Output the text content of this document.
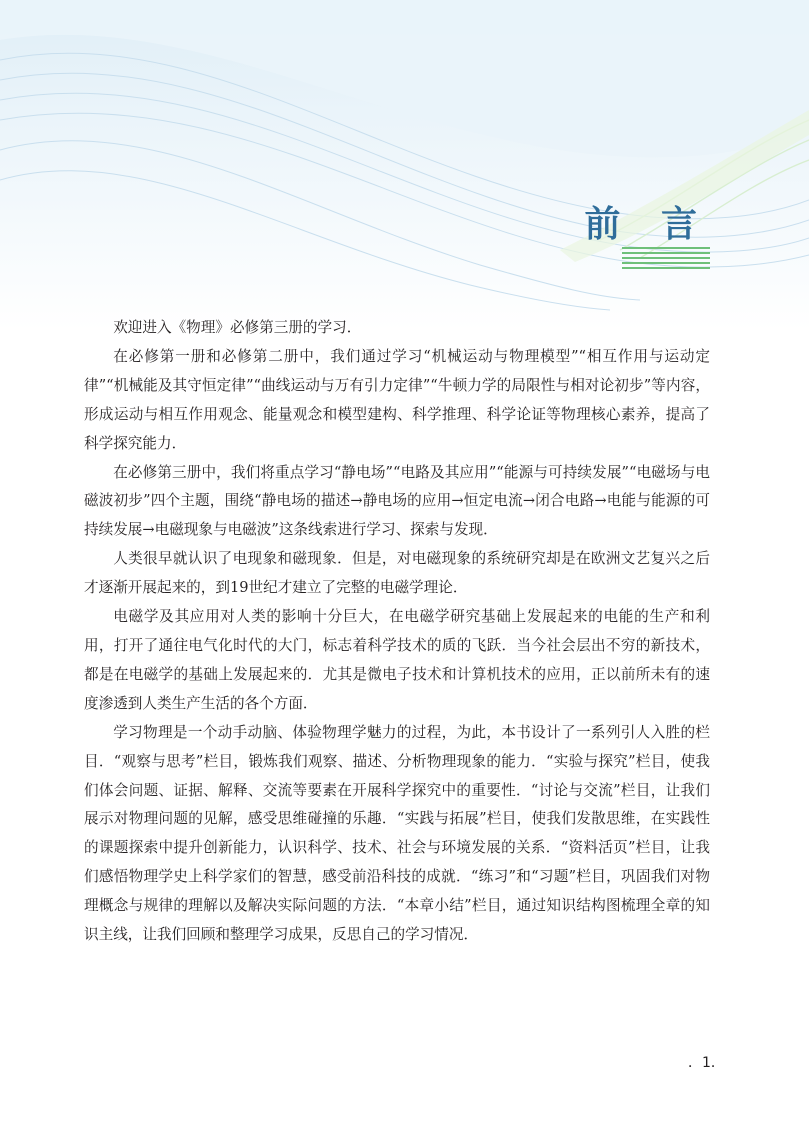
前 言

欢迎进入《物理》必修第三册的学习．

在必修第一册和必修第二册中，我们通过学习“机械运动与物理模型”“相互作用与运动定律”“机械能及其守恒定律”“曲线运动与万有引力定律”“牛顿力学的局限性与相对论初步”等内容，形成运动与相互作用观念、能量观念和模型建构、科学推理、科学论证等物理核心素养，提高了科学探究能力．

在必修第三册中，我们将重点学习“静电场”“电路及其应用”“能源与可持续发展”“电磁场与电磁波初步”四个主题，围绕“静电场的描述→静电场的应用→恒定电流→闭合电路→电能与能源的可持续发展→电磁现象与电磁波”这条线索进行学习、探索与发现．

人类很早就认识了电现象和磁现象．但是，对电磁现象的系统研究却是在欧洲文艺复兴之后才逐渐开展起来的，到19世纪才建立了完整的电磁学理论．

电磁学及其应用对人类的影响十分巨大，在电磁学研究基础上发展起来的电能的生产和利用，打开了通往电气化时代的大门，标志着科学技术的质的飞跃．当今社会层出不穷的新技术，都是在电磁学的基础上发展起来的．尤其是微电子技术和计算机技术的应用，正以前所未有的速度渗透到人类生产生活的各个方面．

学习物理是一个动手动脑、体验物理学魅力的过程，为此，本书设计了一系列引人入胜的栏目．“观察与思考”栏目，锻炼我们观察、描述、分析物理现象的能力．“实验与探究”栏目，使我们体会问题、证据、解释、交流等要素在开展科学探究中的重要性．“讨论与交流”栏目，让我们展示对物理问题的见解，感受思维碰撞的乐趣．“实践与拓展”栏目，使我们发散思维，在实践性的课题探索中提升创新能力，认识科学、技术、社会与环境发展的关系．“资料活页”栏目，让我们感悟物理学史上科学家们的智慧，感受前沿科技的成就．“练习”和“习题”栏目，巩固我们对物理概念与规律的理解以及解决实际问题的方法．“本章小结”栏目，通过知识结构图梳理全章的知识主线，让我们回顾和整理学习成果，反思自己的学习情况．

．1．
